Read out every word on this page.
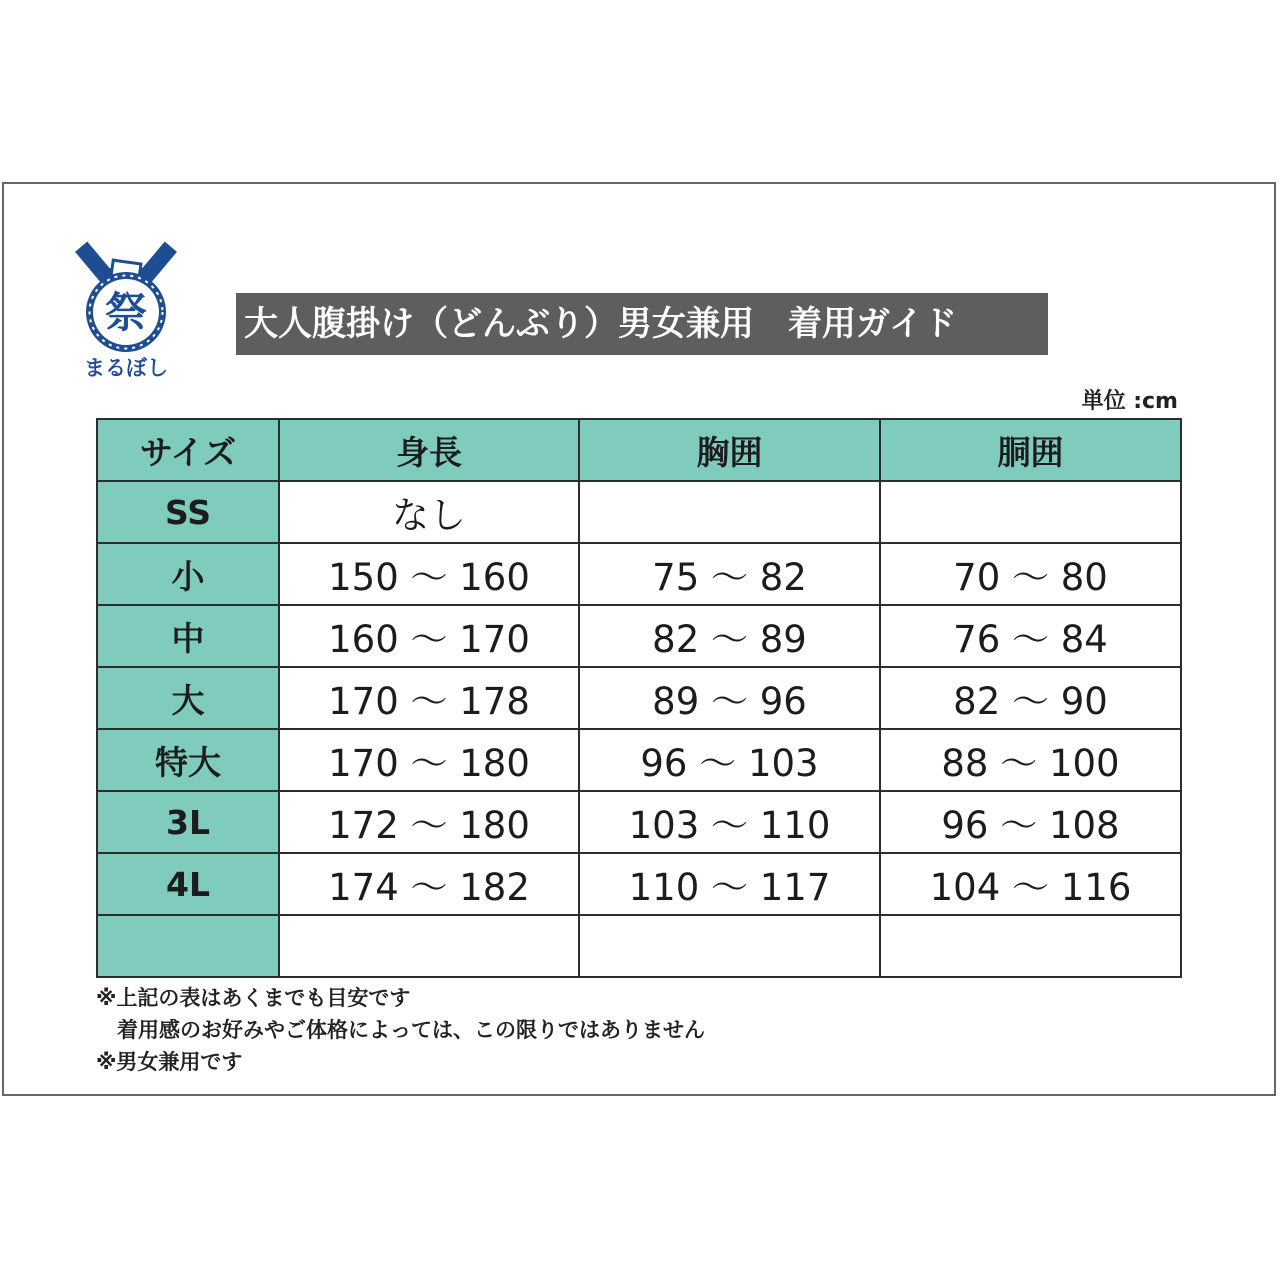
祭
まるぼし
大人腹掛け（どんぶり）男女兼用　着用ガイド
単位 :cm
サイズ	身長	胸囲	胴囲
SS	なし		
小	150 ～ 160	75 ～ 82	70 ～ 80
中	160 ～ 170	82 ～ 89	76 ～ 84
大	170 ～ 178	89 ～ 96	82 ～ 90
特大	170 ～ 180	96 ～ 103	88 ～ 100
3L	172 ～ 180	103 ～ 110	96 ～ 108
4L	174 ～ 182	110 ～ 117	104 ～ 116

※上記の表はあくまでも目安です
　着用感のお好みやご体格によっては、この限りではありません
※男女兼用です
